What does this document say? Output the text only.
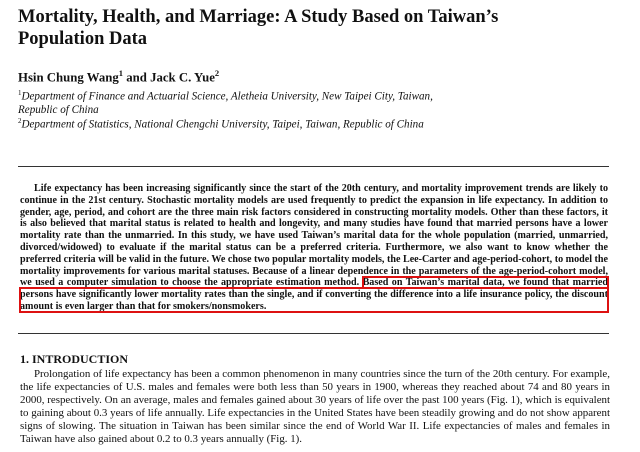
Mortality, Health, and Marriage: A Study Based on Taiwan’s
Population Data
Hsin Chung Wang$^1$ and Jack C. Yue$^2$
$^1$Department of Finance and Actuarial Science, Aletheia University, New Taipei City, Taiwan,
Republic of China
$^2$Department of Statistics, National Chengchi University, Taipei, Taiwan, Republic of China
Life expectancy has been increasing significantly since the start of the 20th century, and mortality improvement trends are likely to continue in the 21st century. Stochastic mortality models are used frequently to predict the expansion in life expectancy. In addition to gender, age, period, and cohort are the three main risk factors considered in constructing mortality models. Other than these factors, it is also believed that marital status is related to health and longevity, and many studies have found that married persons have a lower mortality rate than the unmarried. In this study, we have used Taiwan’s marital data for the whole population (married, unmarried, divorced/widowed) to evaluate if the marital status can be a preferred criteria. Furthermore, we also want to know whether the preferred criteria will be valid in the future. We chose two popular mortality models, the Lee-Carter and age-period-cohort, to model the mortality improvements for various marital statuses. Because of a linear dependence in the parameters of the age-period-cohort model, we used a computer simulation to choose the appropriate estimation method. Based on Taiwan’s marital data, we found that married persons have significantly lower mortality rates than the single, and if converting the difference into a life insurance policy, the discount amount is even larger than that for smokers/nonsmokers.
1. INTRODUCTION
Prolongation of life expectancy has been a common phenomenon in many countries since the turn of the 20th century. For example, the life expectancies of U.S. males and females were both less than 50 years in 1900, whereas they reached about 74 and 80 years in 2000, respectively. On an average, males and females gained about 30 years of life over the past 100 years (Fig. 1), which is equivalent to gaining about 0.3 years of life annually. Life expectancies in the United States have been steadily growing and do not show apparent signs of slowing. The situation in Taiwan has been similar since the end of World War II. Life expectancies of males and females in Taiwan have also gained about 0.2 to 0.3 years annually (Fig. 1).
